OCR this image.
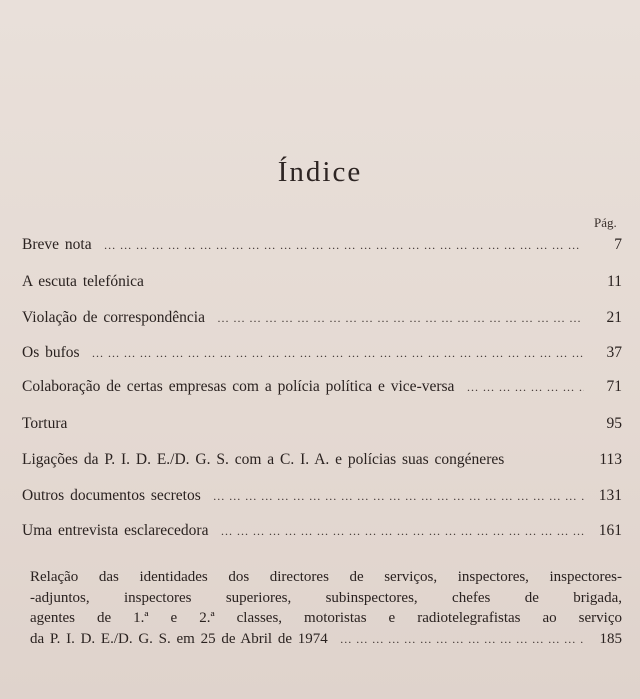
Índice
Pág.
Breve nota … … … … … … … … … … … … … … … … … … … … … … … … … … … … … … … … … … … … … … … … … … … … … …	7
A escuta telefónica	11
Violação de correspondência … … … … … … … … … … … … … … … … … … … … … … … … … … … … … … … … … … … … … … … … … … … … … …	21
Os bufos … … … … … … … … … … … … … … … … … … … … … … … … … … … … … … … … … … … … … … … … … … … … … …	37
Colaboração de certas empresas com a polícia política e vice-versa … … … … … … … … … … … … … … … … … … … … … … … … … … … … … … … … … … … … … … … … … … … … … …	71
Tortura	95
Ligações da P. I. D. E./D. G. S. com a C. I. A. e polícias suas congéneres	113
Outros documentos secretos … … … … … … … … … … … … … … … … … … … … … … … … … … … … … … … … … … … … … … … … … … … … … …	131
Uma entrevista esclarecedora … … … … … … … … … … … … … … … … … … … … … … … … … … … … … … … … … … … … … … … … … … … … … …	161
Relação das identidades dos directores de serviços, inspectores, inspectores-
-adjuntos, inspectores superiores, subinspectores, chefes de brigada,
agentes de 1.ª e 2.ª classes, motoristas e radiotelegrafistas ao serviço
da P. I. D. E./D. G. S. em 25 de Abril de 1974 … … … … … … … … … … … … … … … … … … … … … … … … … … … … … … … … … … … … … … … … … … … … … …	185
